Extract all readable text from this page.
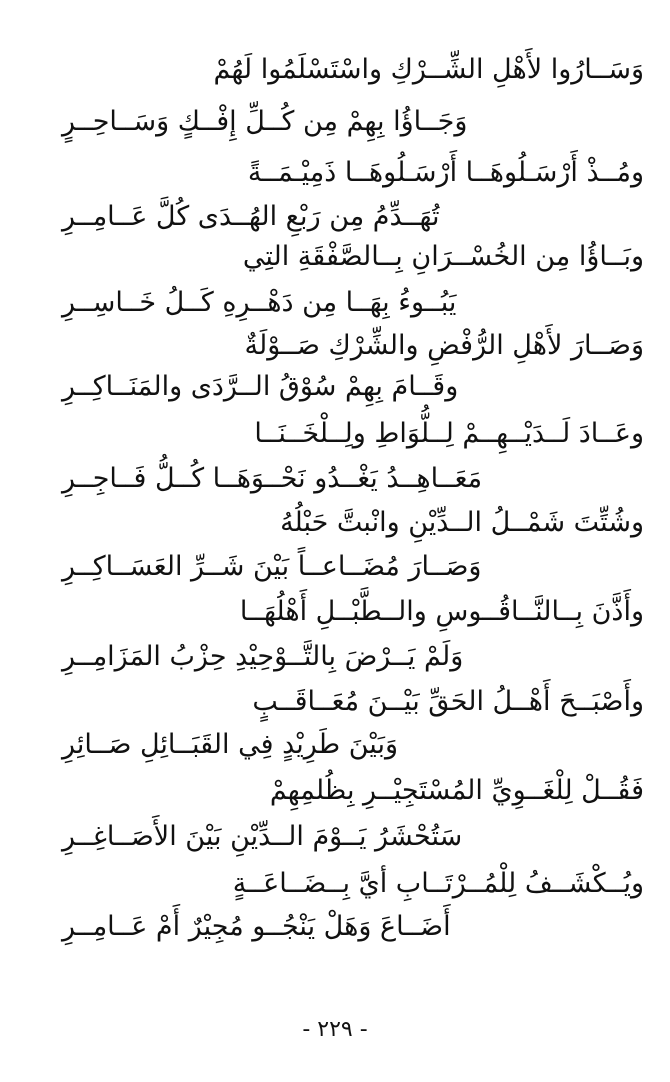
وَسَــارُوا لأَهْلِ الشِّــرْكِ واسْتَسْلَمُوا لَهُمْ
وَجَــاؤُا بِهِمْ مِن كُــلِّ إِفْــكٍ وَسَــاحِــرٍ
ومُــذْ أَرْسَـلُوهَــا أَرْسَـلُوهَــا ذَمِيْـمَــةً
تُهَــدِّمُ مِن رَبْعِ الهُــدَى كُلَّ عَــامِــرِ
وبَــاؤُا مِن الخُسْــرَانِ بِــالصَّفْقَةِ التِي
يَبُــوءُ بِهَــا مِن دَهْــرِهِ كَــلُ خَــاسِــرِ
وَصَــارَ لأَهْلِ الرُّفْضِ والشِّرْكِ صَــوْلَةٌ
وقَــامَ بِهِمْ سُوْقُ الــرَّدَى والمَنَــاكِــرِ
وعَــادَ لَــدَيْــهِــمْ لِــلُّوَاطِ ولِــلْخَــنَــا
مَعَــاهِــدُ يَغْــدُو نَحْــوَهَــا كُــلُّ فَــاجِــرِ
وشُتِّتَ شَمْــلُ الــدِّيْنِ وانْبتَّ حَبْلُهُ
وَصَــارَ مُضَــاعــاً بَيْنَ شَــرِّ العَسَــاكِــرِ
وأَذَّنَ بِــالنَّــاقُــوسِ والــطَّبْــلِ أَهْلُهَــا
وَلَمْ يَــرْضَ بِالتَّــوْحِيْدِ حِزْبُ المَزَامِــرِ
وأَصْبَــحَ أَهْــلُ الحَقِّ بَيْــنَ مُعَــاقَــبٍ
وَبَيْنَ طَرِيْدٍ فِي القَبَــائِلِ صَــائِرِ
فَقُــلْ لِلْغَــوِيِّ المُسْتَجِيْــرِ بِظُلمِهِمْ
سَتُحْشَرُ يَــوْمَ الــدِّيْنِ بَيْنَ الأَصَــاغِــرِ
ويُــكْشَــفُ لِلْمُــرْتَــابِ أيَّ بِــضَــاعَــةٍ
أَضَــاعَ وَهَلْ يَنْجُــو مُجِيْرٌ أَمْ عَــامِــرِ
- ٢٢٩ -
